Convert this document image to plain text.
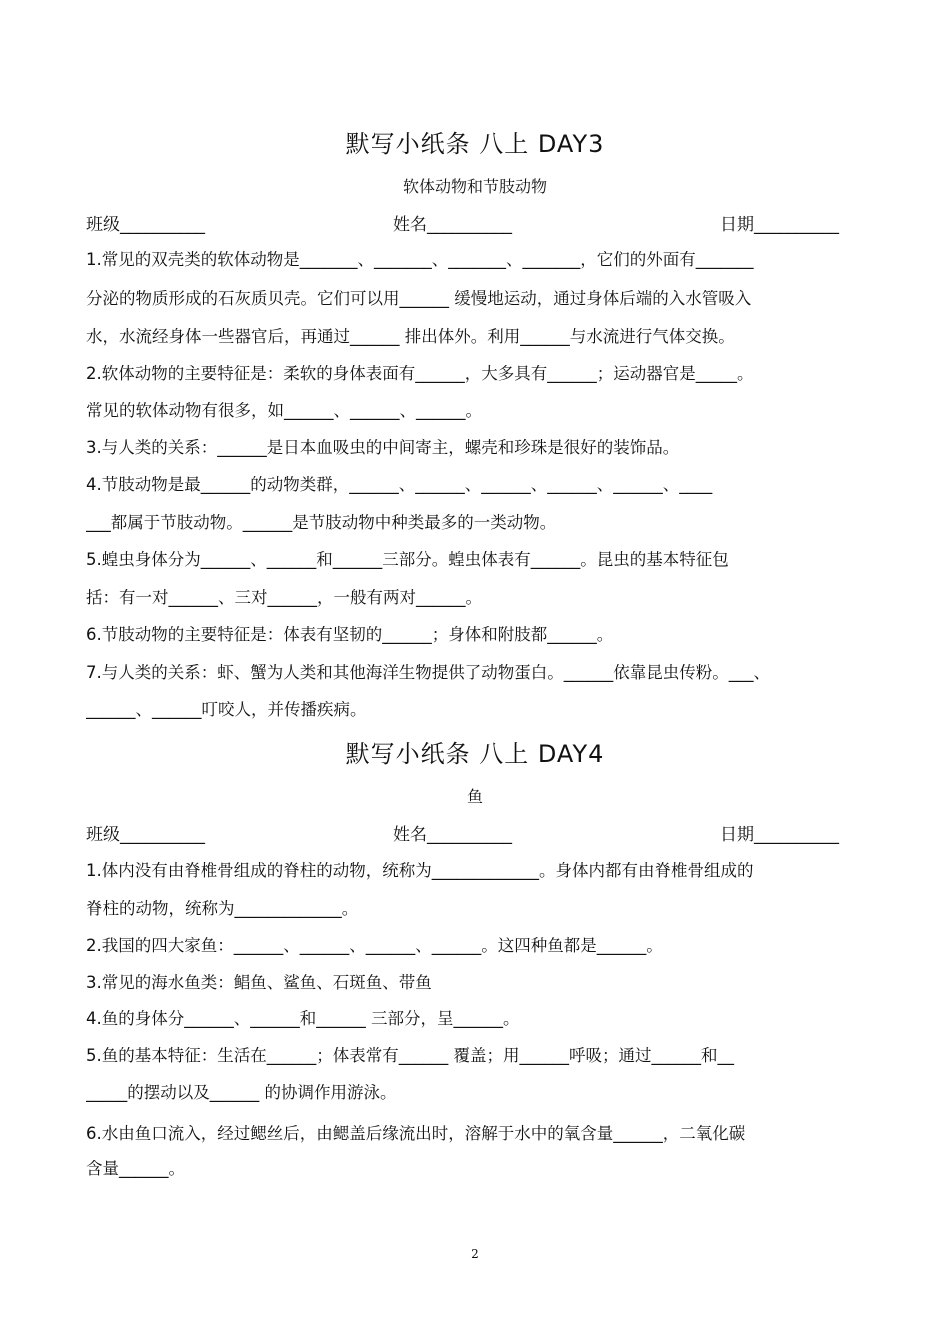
默写小纸条 八上 DAY3
软体动物和节肢动物
班级__________	姓名__________	日期__________
1.常见的双壳类的软体动物是_______、_______、_______、_______，它们的外面有_______
分泌的物质形成的石灰质贝壳。它们可以用______ 缓慢地运动，通过身体后端的入水管吸入
水，水流经身体一些器官后，再通过______ 排出体外。利用______与水流进行气体交换。
2.软体动物的主要特征是：柔软的身体表面有______，大多具有______；运动器官是_____。
常见的软体动物有很多，如______、______、______。
3.与人类的关系：______是日本血吸虫的中间寄主，螺壳和珍珠是很好的装饰品。
4.节肢动物是最______的动物类群，______、______、______、______、______、____
___都属于节肢动物。______是节肢动物中种类最多的一类动物。
5.蝗虫身体分为______、______和______三部分。蝗虫体表有______。昆虫的基本特征包
括：有一对______、三对______，一般有两对______。
6.节肢动物的主要特征是：体表有坚韧的______；身体和附肢都______。
7.与人类的关系：虾、蟹为人类和其他海洋生物提供了动物蛋白。______依靠昆虫传粉。___、
______、______叮咬人，并传播疾病。
默写小纸条 八上 DAY4
鱼
班级__________	姓名__________	日期__________
1.体内没有由脊椎骨组成的脊柱的动物，统称为_____________。身体内都有由脊椎骨组成的
脊柱的动物，统称为_____________。
2.我国的四大家鱼：______、______、______、______。这四种鱼都是______。
3.常见的海水鱼类：鲳鱼、鲨鱼、石斑鱼、带鱼
4.鱼的身体分______、______和______ 三部分，呈______。
5.鱼的基本特征：生活在______；体表常有______ 覆盖；用______呼吸；通过______和__
_____的摆动以及______ 的协调作用游泳。
6.水由鱼口流入，经过鳃丝后，由鳃盖后缘流出时，溶解于水中的氧含量______，二氧化碳
含量______。
2
